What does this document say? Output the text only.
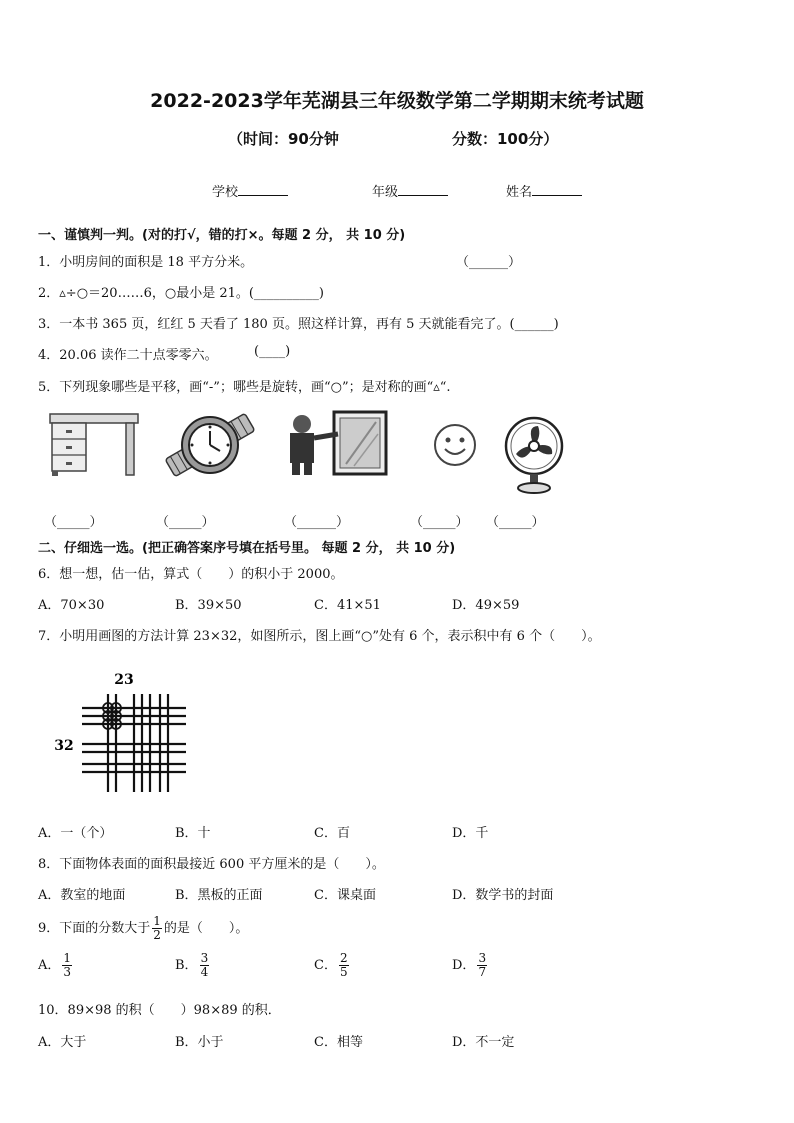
2022-2023学年芜湖县三年级数学第二学期期末统考试题
（时间：90分钟	分数：100分）
学校	年级	姓名
一、谨慎判一判。(对的打√，错的打×。每题 2 分， 共 10 分)
1．小明房间的面积是 18 平方分米。	（______）
2．▵÷○＝20……6，○最小是 21。(__________)
3．一本书 365 页，红红 5 天看了 180 页。照这样计算，再有 5 天就能看完了。(______)
4．20.06 读作二十点零零六。	(____)
5．下列现象哪些是平移，画“-”；哪些是旋转，画“○”；是对称的画“▵“.
（_____）	（_____）	（______）	（_____） （_____）
二、仔细选一选。(把正确答案序号填在括号里。 每题 2 分， 共 10 分)
6．想一想，估一估，算式（　　）的积小于 2000。
A．70×30	B．39×50	C．41×51	D．49×59
7．小明用画图的方法计算 23×32，如图所示，图上画“○”处有 6 个，表示积中有 6 个（　　）。
23
32
A．一（个）	B．十	C．百	D．千
8．下面物体表面的面积最接近 600 平方厘米的是（　　）。
A．教室的地面	B．黑板的正面	C．课桌面	D．数学书的封面
9．下面的分数大于 $\frac{1}{2}$ 的是（　　）。
A． $\frac{1}{3}$	B． $\frac{3}{4}$	C． $\frac{2}{5}$	D． $\frac{3}{7}$
10．89×98 的积（　　）98×89 的积．
A．大于	B．小于	C．相等	D．不一定
